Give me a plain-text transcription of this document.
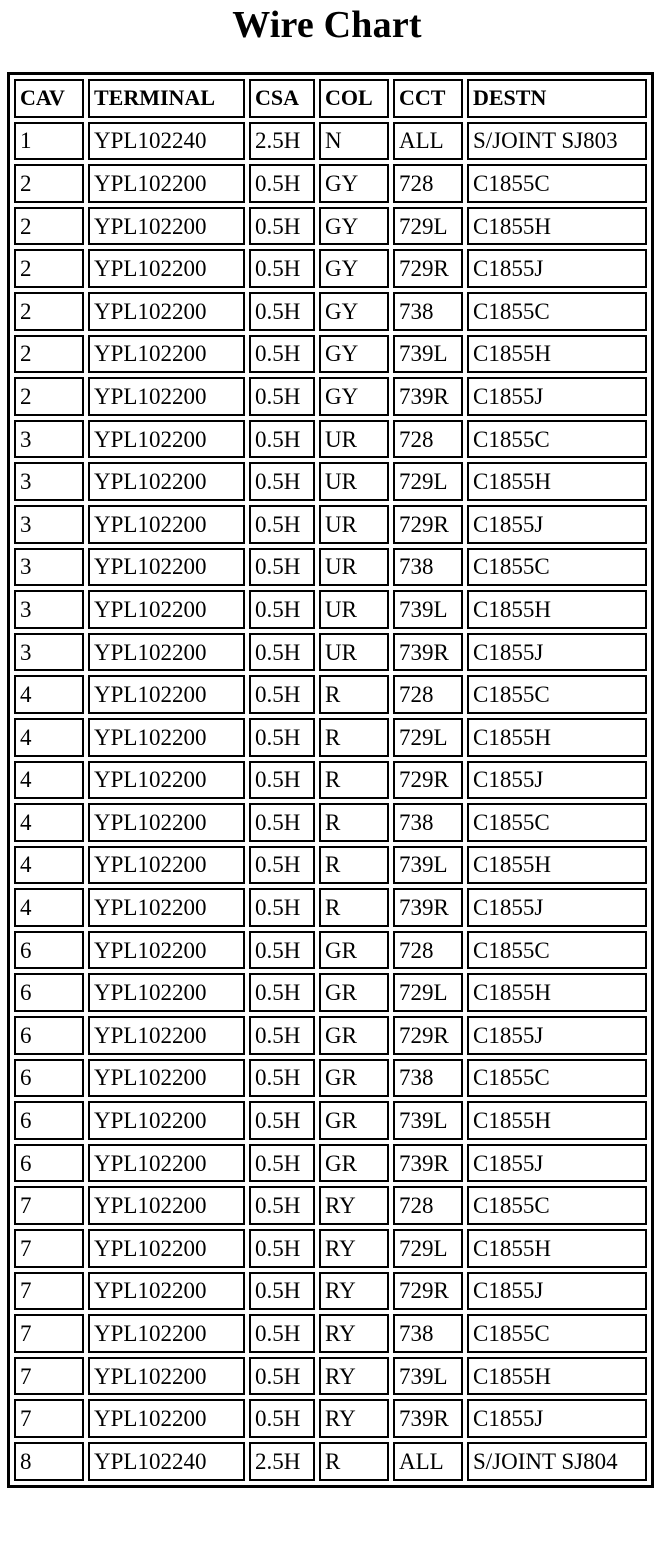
Wire Chart
CAV	TERMINAL	CSA	COL	CCT	DESTN
1	YPL102240	2.5H	N	ALL	S/JOINT SJ803
2	YPL102200	0.5H	GY	728	C1855C
2	YPL102200	0.5H	GY	729L	C1855H
2	YPL102200	0.5H	GY	729R	C1855J
2	YPL102200	0.5H	GY	738	C1855C
2	YPL102200	0.5H	GY	739L	C1855H
2	YPL102200	0.5H	GY	739R	C1855J
3	YPL102200	0.5H	UR	728	C1855C
3	YPL102200	0.5H	UR	729L	C1855H
3	YPL102200	0.5H	UR	729R	C1855J
3	YPL102200	0.5H	UR	738	C1855C
3	YPL102200	0.5H	UR	739L	C1855H
3	YPL102200	0.5H	UR	739R	C1855J
4	YPL102200	0.5H	R	728	C1855C
4	YPL102200	0.5H	R	729L	C1855H
4	YPL102200	0.5H	R	729R	C1855J
4	YPL102200	0.5H	R	738	C1855C
4	YPL102200	0.5H	R	739L	C1855H
4	YPL102200	0.5H	R	739R	C1855J
6	YPL102200	0.5H	GR	728	C1855C
6	YPL102200	0.5H	GR	729L	C1855H
6	YPL102200	0.5H	GR	729R	C1855J
6	YPL102200	0.5H	GR	738	C1855C
6	YPL102200	0.5H	GR	739L	C1855H
6	YPL102200	0.5H	GR	739R	C1855J
7	YPL102200	0.5H	RY	728	C1855C
7	YPL102200	0.5H	RY	729L	C1855H
7	YPL102200	0.5H	RY	729R	C1855J
7	YPL102200	0.5H	RY	738	C1855C
7	YPL102200	0.5H	RY	739L	C1855H
7	YPL102200	0.5H	RY	739R	C1855J
8	YPL102240	2.5H	R	ALL	S/JOINT SJ804
